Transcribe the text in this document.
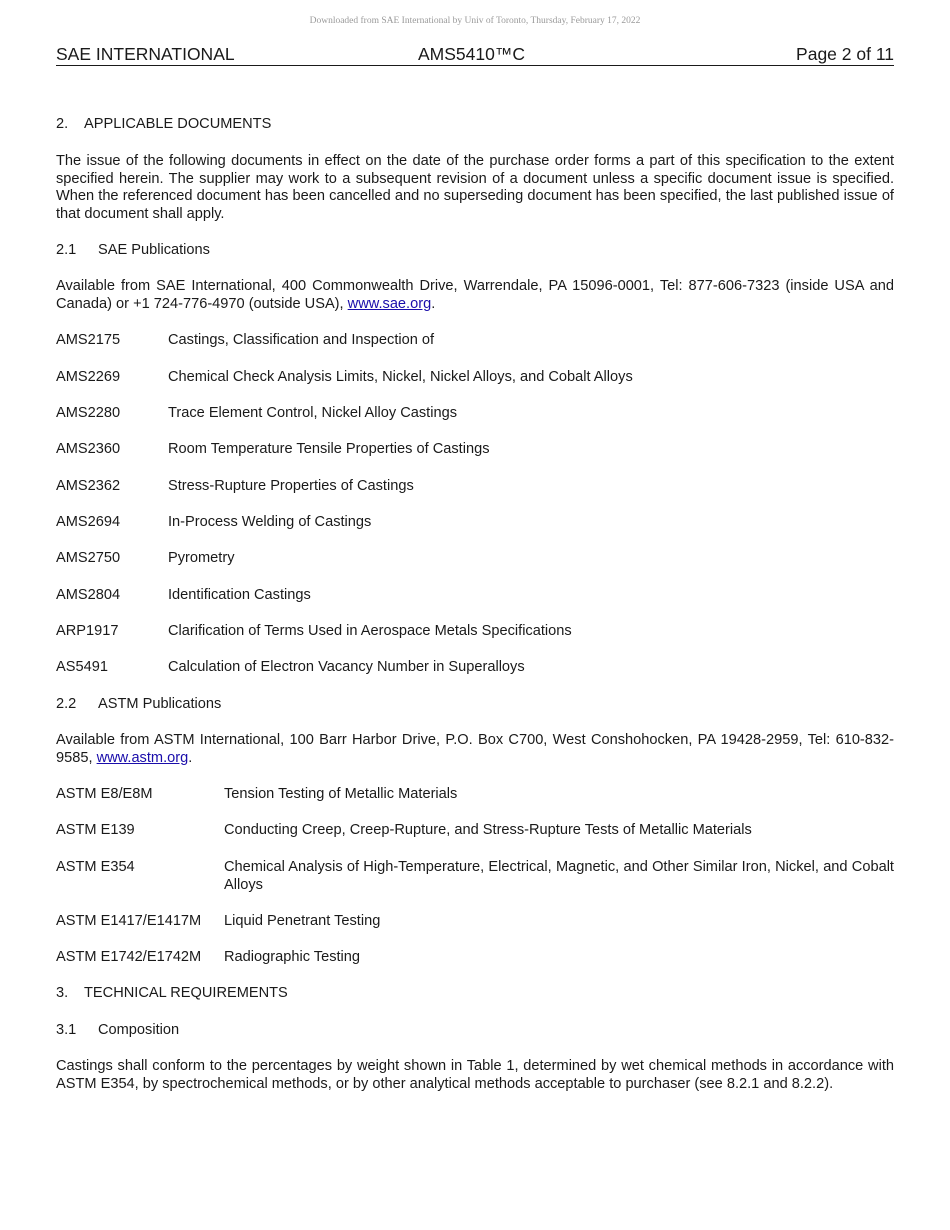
Downloaded from SAE International by Univ of Toronto, Thursday, February 17, 2022
SAE INTERNATIONAL	AMS5410™C	Page 2 of 11
2. APPLICABLE DOCUMENTS
The issue of the following documents in effect on the date of the purchase order forms a part of this specification to the extent specified herein. The supplier may work to a subsequent revision of a document unless a specific document issue is specified. When the referenced document has been cancelled and no superseding document has been specified, the last published issue of that document shall apply.
2.1 SAE Publications
Available from SAE International, 400 Commonwealth Drive, Warrendale, PA 15096-0001, Tel: 877-606-7323 (inside USA and Canada) or +1 724-776-4970 (outside USA), www.sae.org.
AMS2175	Castings, Classification and Inspection of
AMS2269	Chemical Check Analysis Limits, Nickel, Nickel Alloys, and Cobalt Alloys
AMS2280	Trace Element Control, Nickel Alloy Castings
AMS2360	Room Temperature Tensile Properties of Castings
AMS2362	Stress-Rupture Properties of Castings
AMS2694	In-Process Welding of Castings
AMS2750	Pyrometry
AMS2804	Identification Castings
ARP1917	Clarification of Terms Used in Aerospace Metals Specifications
AS5491	Calculation of Electron Vacancy Number in Superalloys
2.2 ASTM Publications
Available from ASTM International, 100 Barr Harbor Drive, P.O. Box C700, West Conshohocken, PA 19428-2959, Tel: 610-832-9585, www.astm.org.
ASTM E8/E8M	Tension Testing of Metallic Materials
ASTM E139	Conducting Creep, Creep-Rupture, and Stress-Rupture Tests of Metallic Materials
ASTM E354	Chemical Analysis of High-Temperature, Electrical, Magnetic, and Other Similar Iron, Nickel, and Cobalt Alloys
ASTM E1417/E1417M Liquid Penetrant Testing
ASTM E1742/E1742M Radiographic Testing
3. TECHNICAL REQUIREMENTS
3.1 Composition
Castings shall conform to the percentages by weight shown in Table 1, determined by wet chemical methods in accordance with ASTM E354, by spectrochemical methods, or by other analytical methods acceptable to purchaser (see 8.2.1 and 8.2.2).
